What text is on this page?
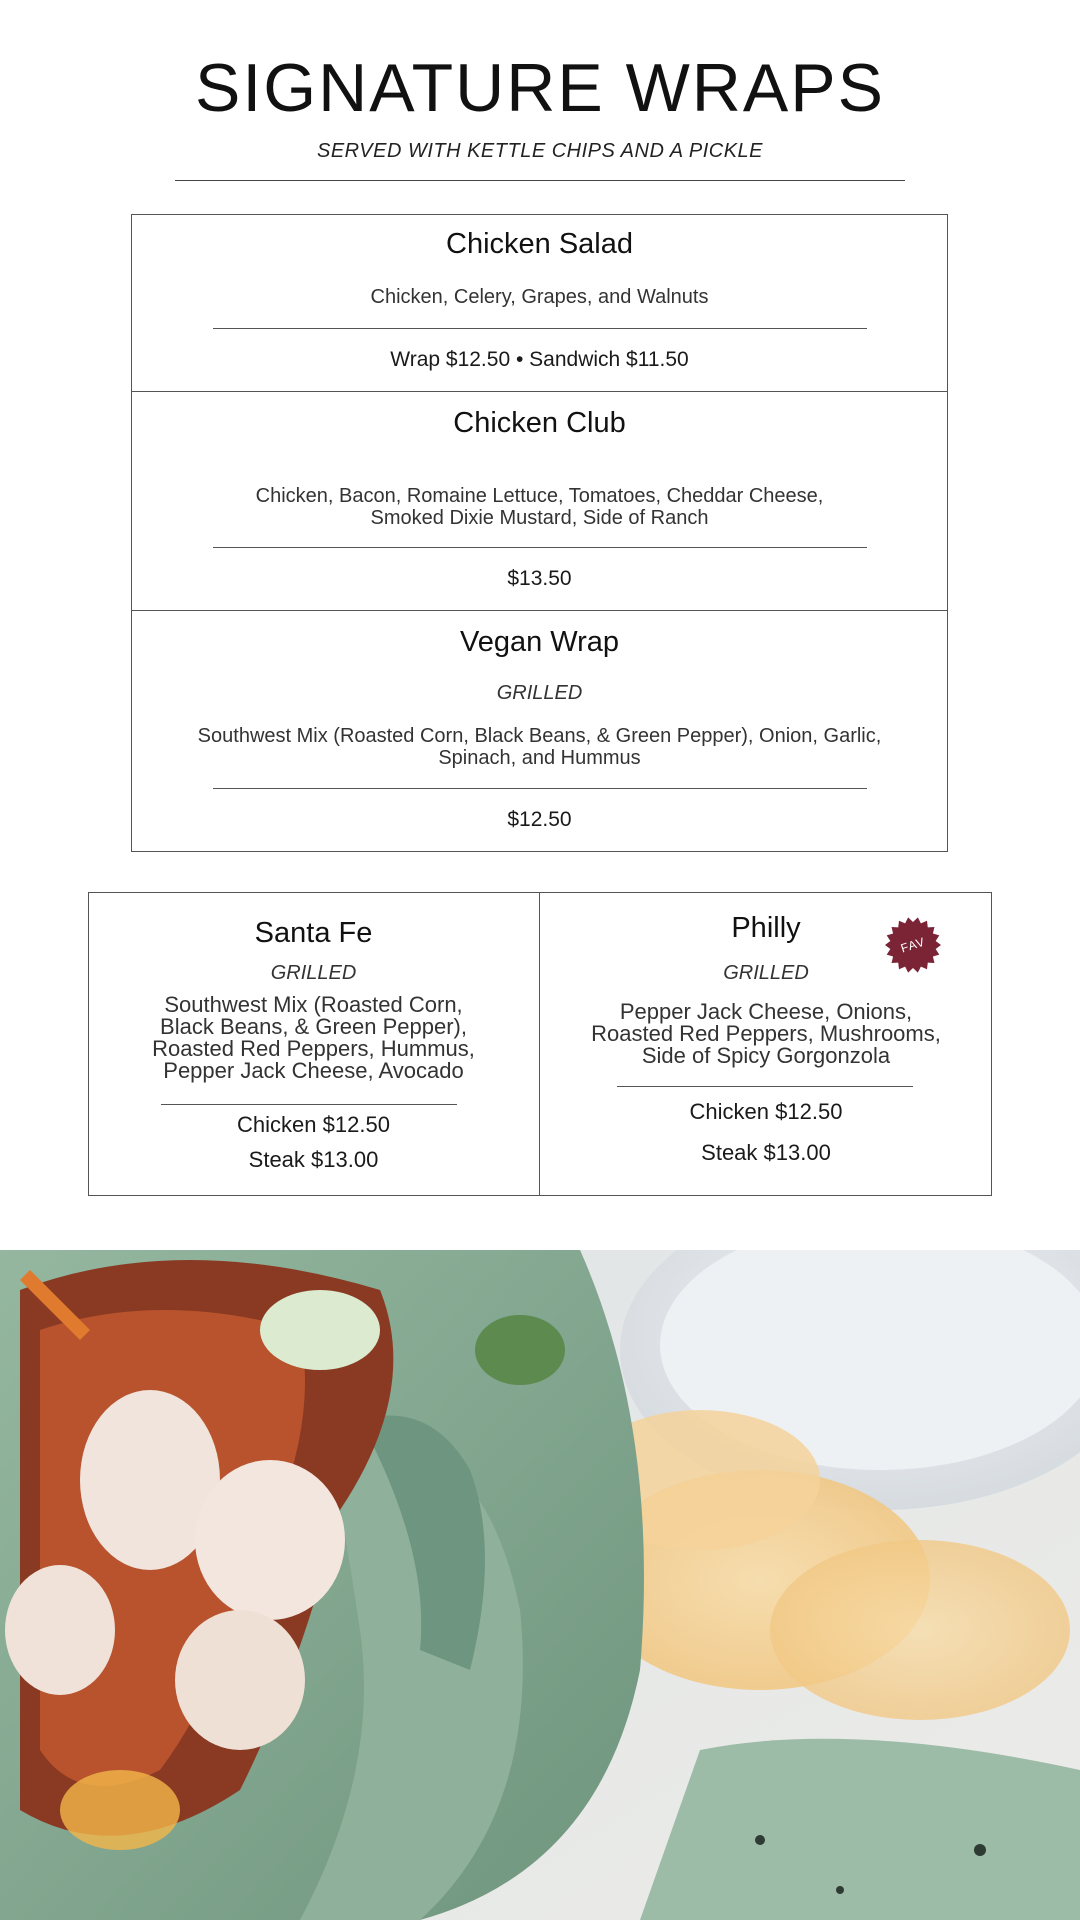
SIGNATURE WRAPS
SERVED WITH KETTLE CHIPS AND A PICKLE
Chicken Salad
Chicken, Celery, Grapes, and Walnuts
Wrap $12.50 • Sandwich $11.50
Chicken Club
Chicken, Bacon, Romaine Lettuce, Tomatoes, Cheddar Cheese,
Smoked Dixie Mustard, Side of Ranch
$13.50
Vegan Wrap
GRILLED
Southwest Mix (Roasted Corn, Black Beans, & Green Pepper), Onion, Garlic,
Spinach, and Hummus
$12.50
Santa Fe
GRILLED
Southwest Mix (Roasted Corn,
Black Beans, & Green Pepper),
Roasted Red Peppers, Hummus,
Pepper Jack Cheese, Avocado
Chicken $12.50
Steak $13.00
Philly
FAV
GRILLED
Pepper Jack Cheese, Onions,
Roasted Red Peppers, Mushrooms,
Side of Spicy Gorgonzola
Chicken $12.50
Steak $13.00
